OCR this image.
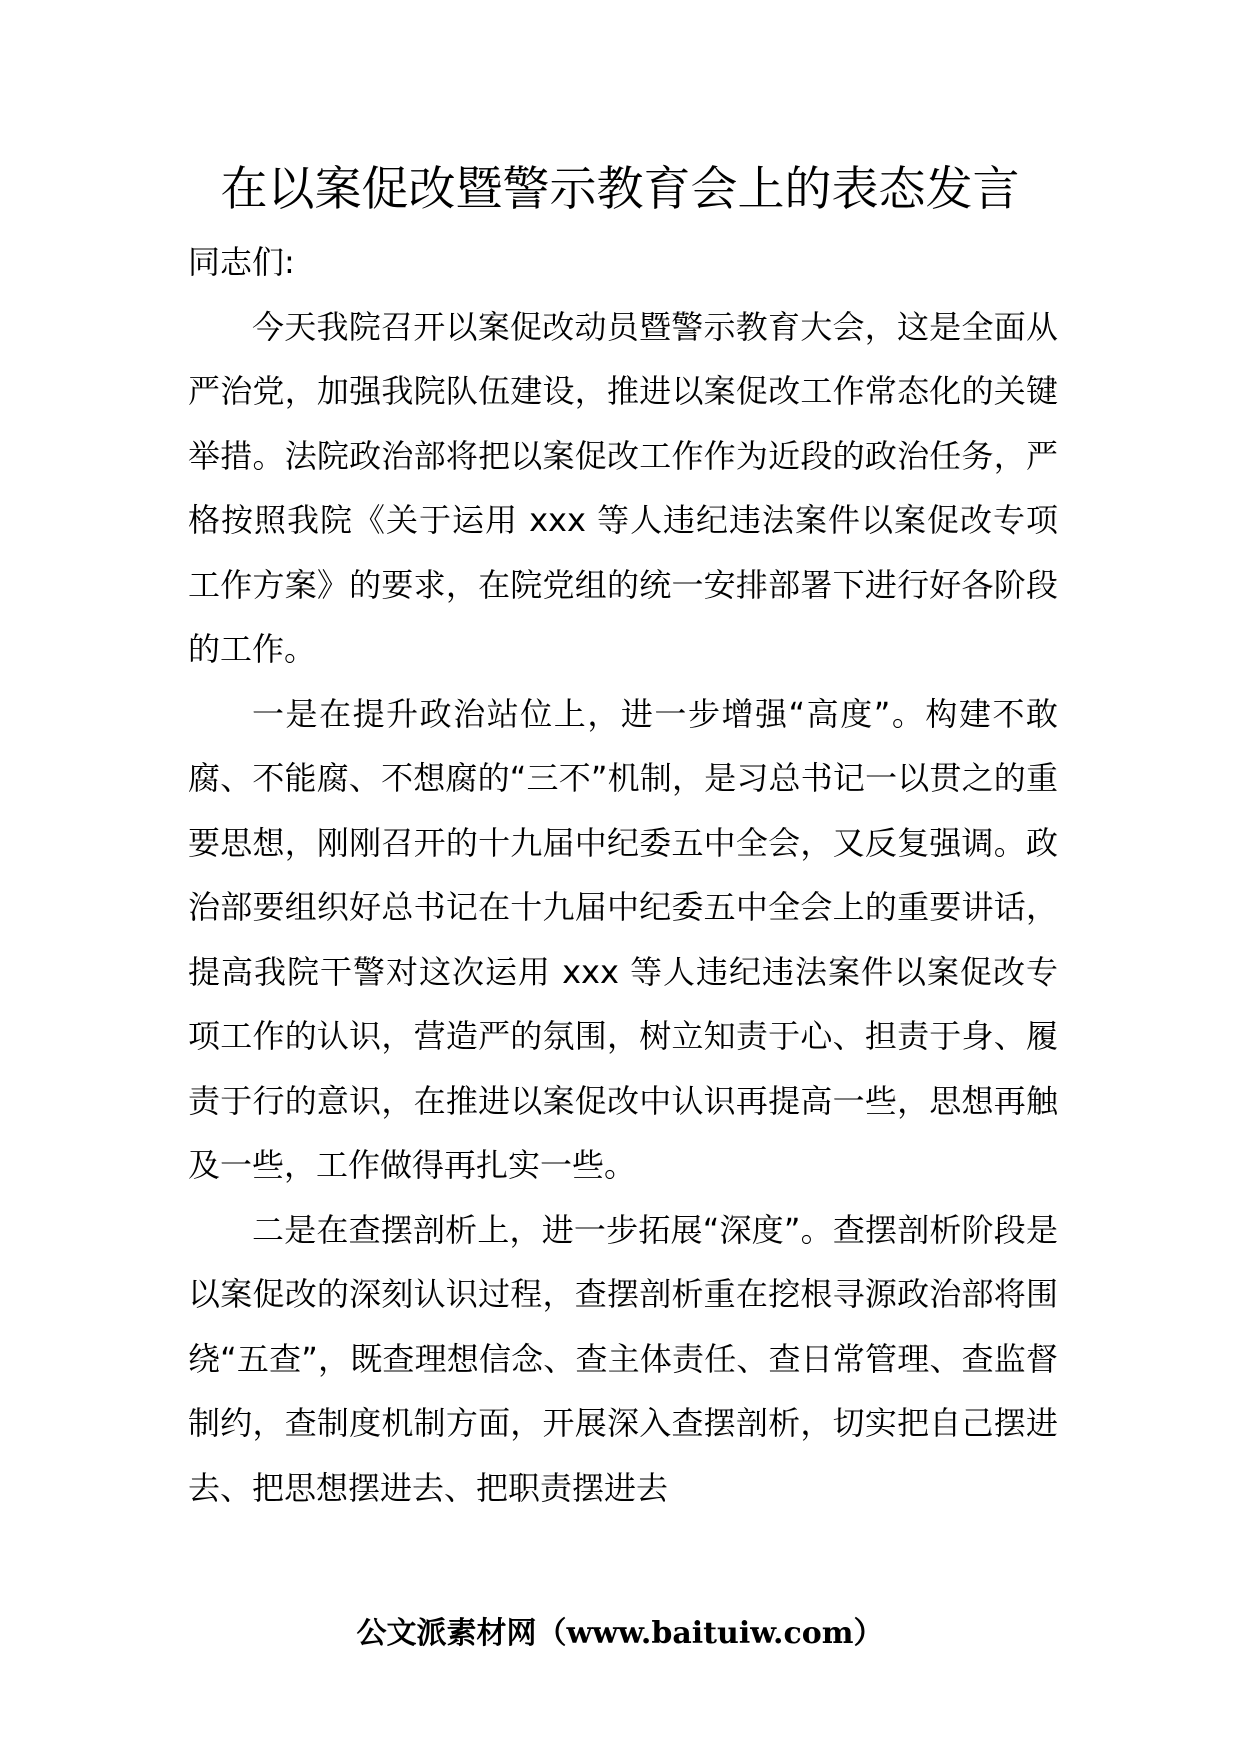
在以案促改暨警示教育会上的表态发言

同志们:

今天我院召开以案促改动员暨警示教育大会，这是全面从严治党，加强我院队伍建设，推进以案促改工作常态化的关键举措。法院政治部将把以案促改工作作为近段的政治任务，严格按照我院《关于运用 xxx 等人违纪违法案件以案促改专项工作方案》的要求，在院党组的统一安排部署下进行好各阶段的工作。

一是在提升政治站位上，进一步增强“高度”。构建不敢腐、不能腐、不想腐的“三不”机制，是习总书记一以贯之的重要思想，刚刚召开的十九届中纪委五中全会，又反复强调。政治部要组织好总书记在十九届中纪委五中全会上的重要讲话，提高我院干警对这次运用 xxx 等人违纪违法案件以案促改专项工作的认识，营造严的氛围，树立知责于心、担责于身、履责于行的意识，在推进以案促改中认识再提高一些，思想再触及一些，工作做得再扎实一些。

二是在查摆剖析上，进一步拓展“深度”。查摆剖析阶段是以案促改的深刻认识过程，查摆剖析重在挖根寻源政治部将围绕“五查”，既查理想信念、查主体责任、查日常管理、查监督制约，查制度机制方面，开展深入查摆剖析，切实把自己摆进去、把思想摆进去、把职责摆进去

公文派素材网（www.baituiw.com）
